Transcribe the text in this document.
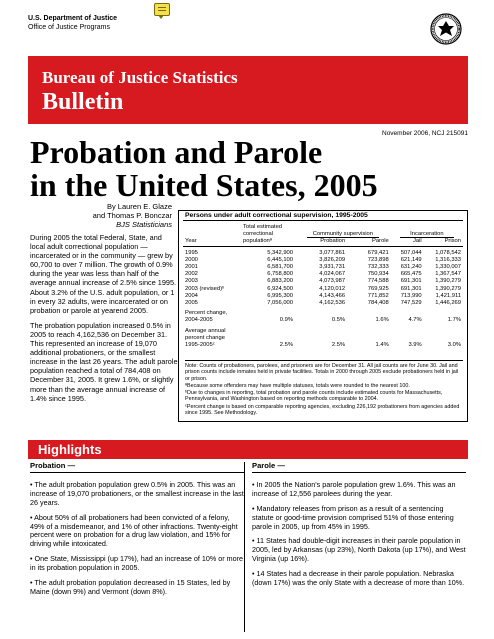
U.S. Department of Justice
Office of Justice Programs
Bureau of Justice Statistics
Bulletin
November 2006, NCJ 215091
Probation and Parole
in the United States, 2005
By Lauren E. Glaze
and Thomas P. Bonczar
BJS Statisticians

During 2005 the total Federal, State, and local adult correctional population — incarcerated or in the community — grew by 60,700 to over 7 million. The growth of 0.9% during the year was less than half of the average annual increase of 2.5% since 1995. About 3.2% of the U.S. adult population, or 1 in every 32 adults, were incarcerated or on probation or parole at yearend 2005.

The probation population increased 0.5% in 2005 to reach 4,162,536 on December 31. This represented an increase of 19,070 additional probationers, or the smallest increase in the last 26 years. The adult parole population reached a total of 784,408 on December 31, 2005. It grew 1.6%, or slightly more than the average annual increase of 1.4% since 1995.

Persons under adult correctional supervision, 1995-2005
	Total estimated				
	correctional	Community supervision		Incarceration	
Year	populationª	Probation	Parole	Jail	Prison
1995	5,342,900	3,077,861	679,421	507,044	1,078,542
2000	6,445,100	3,826,209	723,898	621,149	1,316,333
2001	6,581,700	3,931,731	732,333	631,240	1,330,007
2002	6,758,800	4,024,067	750,934	665,475	1,367,547
2003	6,883,200	4,073,987	774,588	691,301	1,390,279
2003 (revised)ᵇ	6,924,500	4,120,012	769,925	691,301	1,390,279
2004	6,995,300	4,143,466	771,852	713,990	1,421,911
2005	7,056,000	4,162,536	784,408	747,529	1,446,269
Percent change,					
2004-2005	0.9%	0.5%	1.6%	4.7%	1.7%
Average annual					
percent change					
1995-2005ᶜ	2.5%	2.5%	1.4%	3.9%	3.0%

Note: Counts of probationers, parolees, and prisoners are for December 31. All jail counts are for June 30. Jail and prison counts include inmates held in private facilities. Totals in 2000 through 2005 exclude probationers held in jail or prison.

ªBecause some offenders may have multiple statuses, totals were rounded to the nearest 100.

ᵇDue to changes in reporting, total probation and parole counts include estimated counts for Massachusetts, Pennsylvania, and Washington based on reporting methods comparable to 2004.

ᶜPercent change is based on comparable reporting agencies, excluding 226,192 probationers from agencies added since 1995. See Methodology.

Highlights
Probation —

• The adult probation population grew 0.5% in 2005. This was an increase of 19,070 probationers, or the smallest increase in the last 26 years.

• About 50% of all probationers had been convicted of a felony, 49% of a misdemeanor, and 1% of other infractions. Twenty-eight percent were on probation for a drug law violation, and 15% for driving while intoxicated.

• One State, Mississippi (up 17%), had an increase of 10% or more in its probation population in 2005.

• The adult probation population decreased in 15 States, led by Maine (down 9%) and Vermont (down 8%).

Parole —

• In 2005 the Nation's parole population grew 1.6%. This was an increase of 12,556 parolees during the year.

• Mandatory releases from prison as a result of a sentencing statute or good-time provision comprised 51% of those entering parole in 2005, up from 45% in 1995.

• 11 States had double-digit increases in their parole population in 2005, led by Arkansas (up 23%), North Dakota (up 17%), and West Virginia (up 16%).

• 14 States had a decrease in their parole population. Nebraska (down 17%) was the only State with a decrease of more than 10%.
